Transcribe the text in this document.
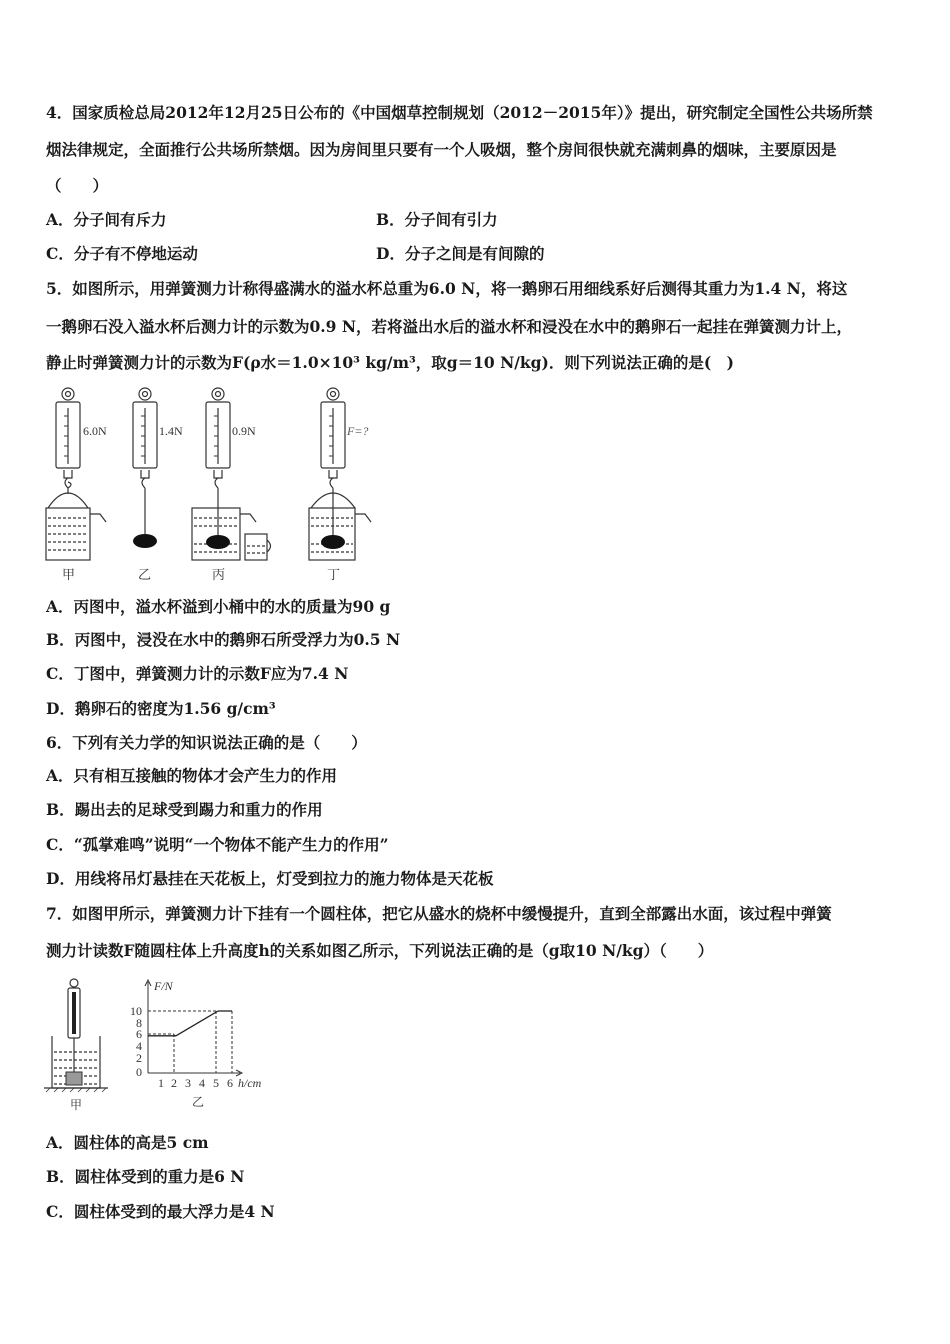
4．国家质检总局2012年12月25日公布的《中国烟草控制规划（2012－2015年）》提出，研究制定全国性公共场所禁
烟法律规定，全面推行公共场所禁烟。因为房间里只要有一个人吸烟，整个房间很快就充满刺鼻的烟味，主要原因是
（　　）
A．分子间有斥力	B．分子间有引力
C．分子有不停地运动	D．分子之间是有间隙的
5．如图所示，用弹簧测力计称得盛满水的溢水杯总重为6.0 N，将一鹅卵石用细线系好后测得其重力为1.4 N，将这
一鹅卵石没入溢水杯后测力计的示数为0.9 N，若将溢出水后的溢水杯和浸没在水中的鹅卵石一起挂在弹簧测力计上，
静止时弹簧测力计的示数为F(ρ水＝1.0×10³ kg/m³，取g＝10 N/kg)．则下列说法正确的是(　)
6.0N	1.4N	0.9N	F=?
甲	乙	丙	丁
A．丙图中，溢水杯溢到小桶中的水的质量为90 g
B．丙图中，浸没在水中的鹅卵石所受浮力为0.5 N
C．丁图中，弹簧测力计的示数F应为7.4 N
D．鹅卵石的密度为1.56 g/cm³
6．下列有关力学的知识说法正确的是（　　）
A．只有相互接触的物体才会产生力的作用
B．踢出去的足球受到踢力和重力的作用
C．“孤掌难鸣”说明“一个物体不能产生力的作用”
D．用线将吊灯悬挂在天花板上，灯受到拉力的施力物体是天花板
7．如图甲所示，弹簧测力计下挂有一个圆柱体，把它从盛水的烧杯中缓慢提升，直到全部露出水面，该过程中弹簧
测力计读数F随圆柱体上升高度h的关系如图乙所示，下列说法正确的是（g取10 N/kg）（　　）
甲
F/N
10
8
6
4
2
0
1 2 3 4 5 6 h/cm
乙
A．圆柱体的高是5 cm
B．圆柱体受到的重力是6 N
C．圆柱体受到的最大浮力是4 N
